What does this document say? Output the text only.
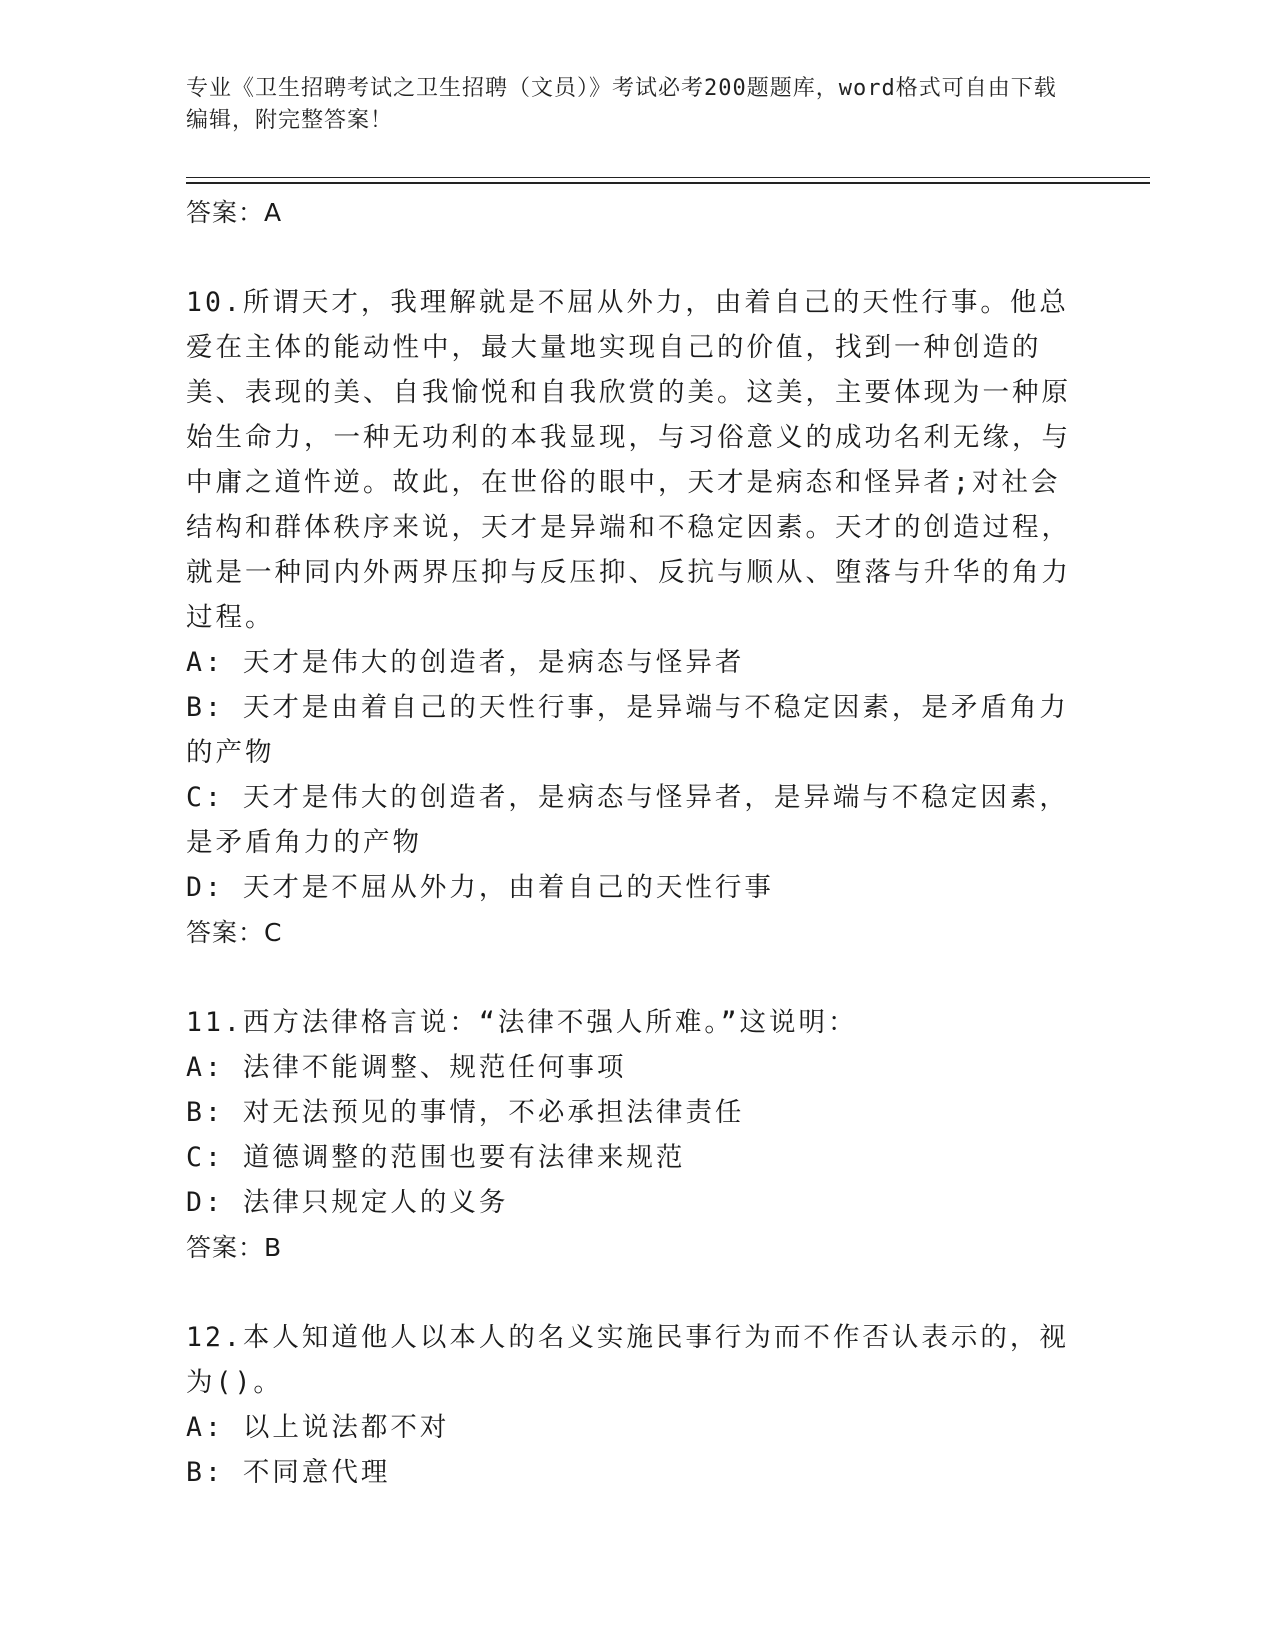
专业《卫生招聘考试之卫生招聘（文员）》考试必考200题题库，word格式可自由下载编辑，附完整答案！

答案：A

10.所谓天才，我理解就是不屈从外力，由着自己的天性行事。他总爱在主体的能动性中，最大量地实现自己的价值，找到一种创造的美、表现的美、自我愉悦和自我欣赏的美。这美，主要体现为一种原始生命力，一种无功利的本我显现，与习俗意义的成功名利无缘，与中庸之道忤逆。故此，在世俗的眼中，天才是病态和怪异者;对社会结构和群体秩序来说，天才是异端和不稳定因素。天才的创造过程，就是一种同内外两界压抑与反压抑、反抗与顺从、堕落与升华的角力过程。

A: 天才是伟大的创造者，是病态与怪异者

B: 天才是由着自己的天性行事，是异端与不稳定因素，是矛盾角力的产物

C: 天才是伟大的创造者，是病态与怪异者，是异端与不稳定因素，是矛盾角力的产物

D: 天才是不屈从外力，由着自己的天性行事

答案：C

11.西方法律格言说：“法律不强人所难。”这说明：

A: 法律不能调整、规范任何事项

B: 对无法预见的事情，不必承担法律责任

C: 道德调整的范围也要有法律来规范

D: 法律只规定人的义务

答案：B

12.本人知道他人以本人的名义实施民事行为而不作否认表示的，视为()。

A: 以上说法都不对

B: 不同意代理
